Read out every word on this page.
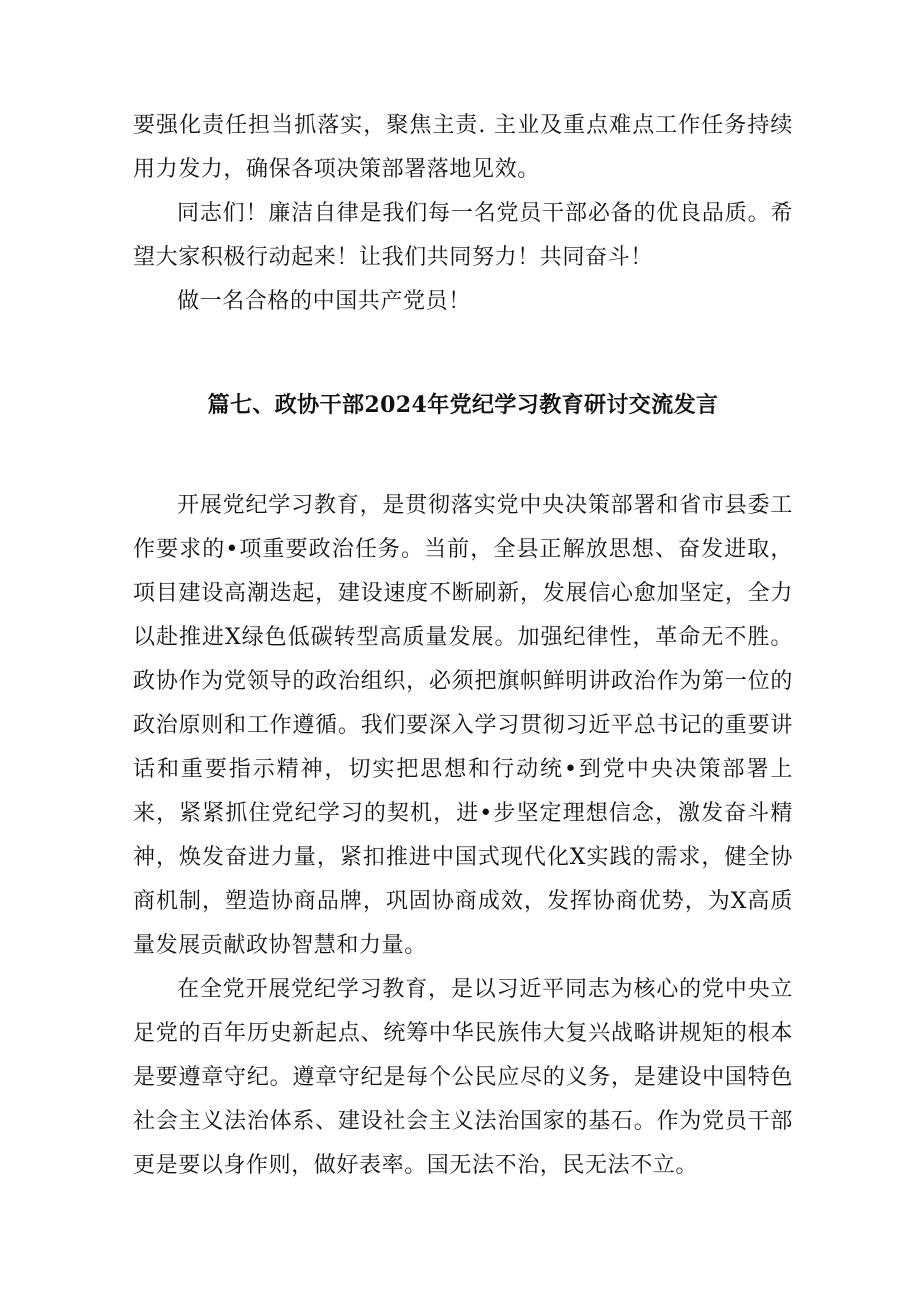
要强化责任担当抓落实，聚焦主责. 主业及重点难点工作任务持续用力发力，确保各项决策部署落地见效。

同志们！廉洁自律是我们每一名党员干部必备的优良品质。希望大家积极行动起来！让我们共同努力！共同奋斗！

做一名合格的中国共产党员！

篇七、政协干部2024年党纪学习教育研讨交流发言

开展党纪学习教育，是贯彻落实党中央决策部署和省市县委工作要求的•项重要政治任务。当前，全县正解放思想、奋发进取，项目建设高潮迭起，建设速度不断刷新，发展信心愈加坚定，全力以赴推进X绿色低碳转型高质量发展。加强纪律性，革命无不胜。政协作为党领导的政治组织，必须把旗帜鲜明讲政治作为第一位的政治原则和工作遵循。我们要深入学习贯彻习近平总书记的重要讲话和重要指示精神，切实把思想和行动统•到党中央决策部署上来，紧紧抓住党纪学习的契机，进•步坚定理想信念，激发奋斗精神，焕发奋进力量，紧扣推进中国式现代化X实践的需求，健全协商机制，塑造协商品牌，巩固协商成效，发挥协商优势，为X高质量发展贡献政协智慧和力量。

在全党开展党纪学习教育，是以习近平同志为核心的党中央立足党的百年历史新起点、统筹中华民族伟大复兴战略讲规矩的根本是要遵章守纪。遵章守纪是每个公民应尽的义务，是建设中国特色社会主义法治体系、建设社会主义法治国家的基石。作为党员干部更是要以身作则，做好表率。国无法不治，民无法不立。
